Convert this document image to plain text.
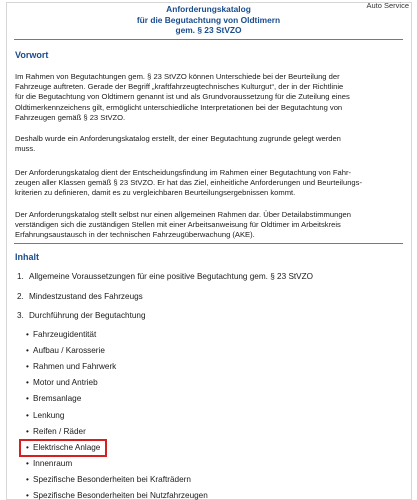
Auto Service
Anforderungskatalog
für die Begutachtung von Oldtimern
gem. § 23 StVZO
Vorwort
Im Rahmen von Begutachtungen gem. § 23 StVZO können Unterschiede bei der Beurteilung der
Fahrzeuge auftreten. Gerade der Begriff „kraftfahrzeugtechnisches Kulturgut“, der in der Richtlinie
für die Begutachtung von Oldtimern genannt ist und als Grundvoraussetzung für die Zuteilung eines
Oldtimerkennzeichens gilt, ermöglicht unterschiedliche Interpretationen bei der Begutachtung von
Fahrzeugen gemäß § 23 StVZO.
Deshalb wurde ein Anforderungskatalog erstellt, der einer Begutachtung zugrunde gelegt werden
muss.
Der Anforderungskatalog dient der Entscheidungsfindung im Rahmen einer Begutachtung von Fahr-
zeugen aller Klassen gemäß § 23 StVZO. Er hat das Ziel, einheitliche Anforderungen und Beurteilungs-
kriterien zu definieren, damit es zu vergleichbaren Beurteilungsergebnissen kommt.
Der Anforderungskatalog stellt selbst nur einen allgemeinen Rahmen dar. Über Detailabstimmungen
verständigen sich die zuständigen Stellen mit einer Arbeitsanweisung für Oldtimer im Arbeitskreis
Erfahrungsaustausch in der technischen Fahrzeugüberwachung (AKE).
Inhalt
1. Allgemeine Voraussetzungen für eine positive Begutachtung gem. § 23 StVZO
2. Mindestzustand des Fahrzeugs
3. Durchführung der Begutachtung
• Fahrzeugidentität
• Aufbau / Karosserie
• Rahmen und Fahrwerk
• Motor und Antrieb
• Bremsanlage
• Lenkung
• Reifen / Räder
• Elektrische Anlage
• Innenraum
• Spezifische Besonderheiten bei Krafträdern
• Spezifische Besonderheiten bei Nutzfahrzeugen
